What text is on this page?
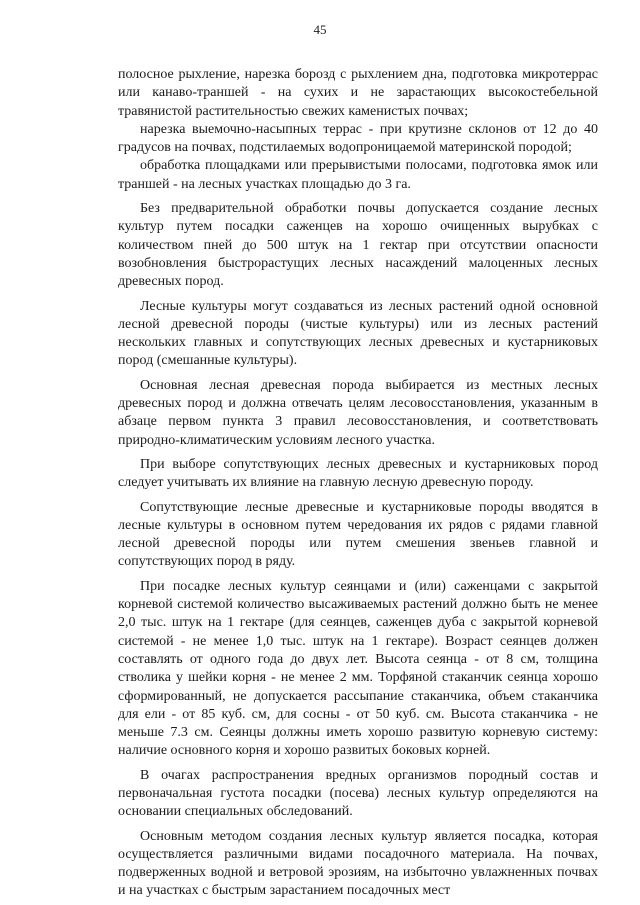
45

полосное рыхление, нарезка борозд с рыхлением дна, подготовка микротеррас или канаво-траншей - на сухих и не зарастающих высокостебельной травянистой растительностью свежих каменистых почвах;

нарезка выемочно-насыпных террас - при крутизне склонов от 12 до 40 градусов на почвах, подстилаемых водопроницаемой материнской породой;

обработка площадками или прерывистыми полосами, подготовка ямок или траншей - на лесных участках площадью до 3 га.

Без предварительной обработки почвы допускается создание лесных культур путем посадки саженцев на хорошо очищенных вырубках с количеством пней до 500 штук на 1 гектар при отсутствии опасности возобновления быстрорастущих лесных насаждений малоценных лесных древесных пород.

Лесные культуры могут создаваться из лесных растений одной основной лесной древесной породы (чистые культуры) или из лесных растений нескольких главных и сопутствующих лесных древесных и кустарниковых пород (смешанные культуры).

Основная лесная древесная порода выбирается из местных лесных древесных пород и должна отвечать целям лесовосстановления, указанным в абзаце первом пункта 3 правил лесовосстановления, и соответствовать природно-климатическим условиям лесного участка.

При выборе сопутствующих лесных древесных и кустарниковых пород следует учитывать их влияние на главную лесную древесную породу.

Сопутствующие лесные древесные и кустарниковые породы вводятся в лесные культуры в основном путем чередования их рядов с рядами главной лесной древесной породы или путем смешения звеньев главной и сопутствующих пород в ряду.

При посадке лесных культур сеянцами и (или) саженцами с закрытой корневой системой количество высаживаемых растений должно быть не менее 2,0 тыс. штук на 1 гектаре (для сеянцев, саженцев дуба с закрытой корневой системой - не менее 1,0 тыс. штук на 1 гектаре). Возраст сеянцев должен составлять от одного года до двух лет. Высота сеянца - от 8 см, толщина стволика у шейки корня - не менее 2 мм. Торфяной стаканчик сеянца хорошо сформированный, не допускается рассыпание стаканчика, объем стаканчика для ели - от 85 куб. см, для сосны - от 50 куб. см. Высота стаканчика - не меньше 7.3 см. Сеянцы должны иметь хорошо развитую корневую систему: наличие основного корня и хорошо развитых боковых корней.

В очагах распространения вредных организмов породный состав и первоначальная густота посадки (посева) лесных культур определяются на основании специальных обследований.

Основным методом создания лесных культур является посадка, которая осуществляется различными видами посадочного материала. На почвах, подверженных водной и ветровой эрозиям, на избыточно увлажненных почвах и на участках с быстрым зарастанием посадочных мест
